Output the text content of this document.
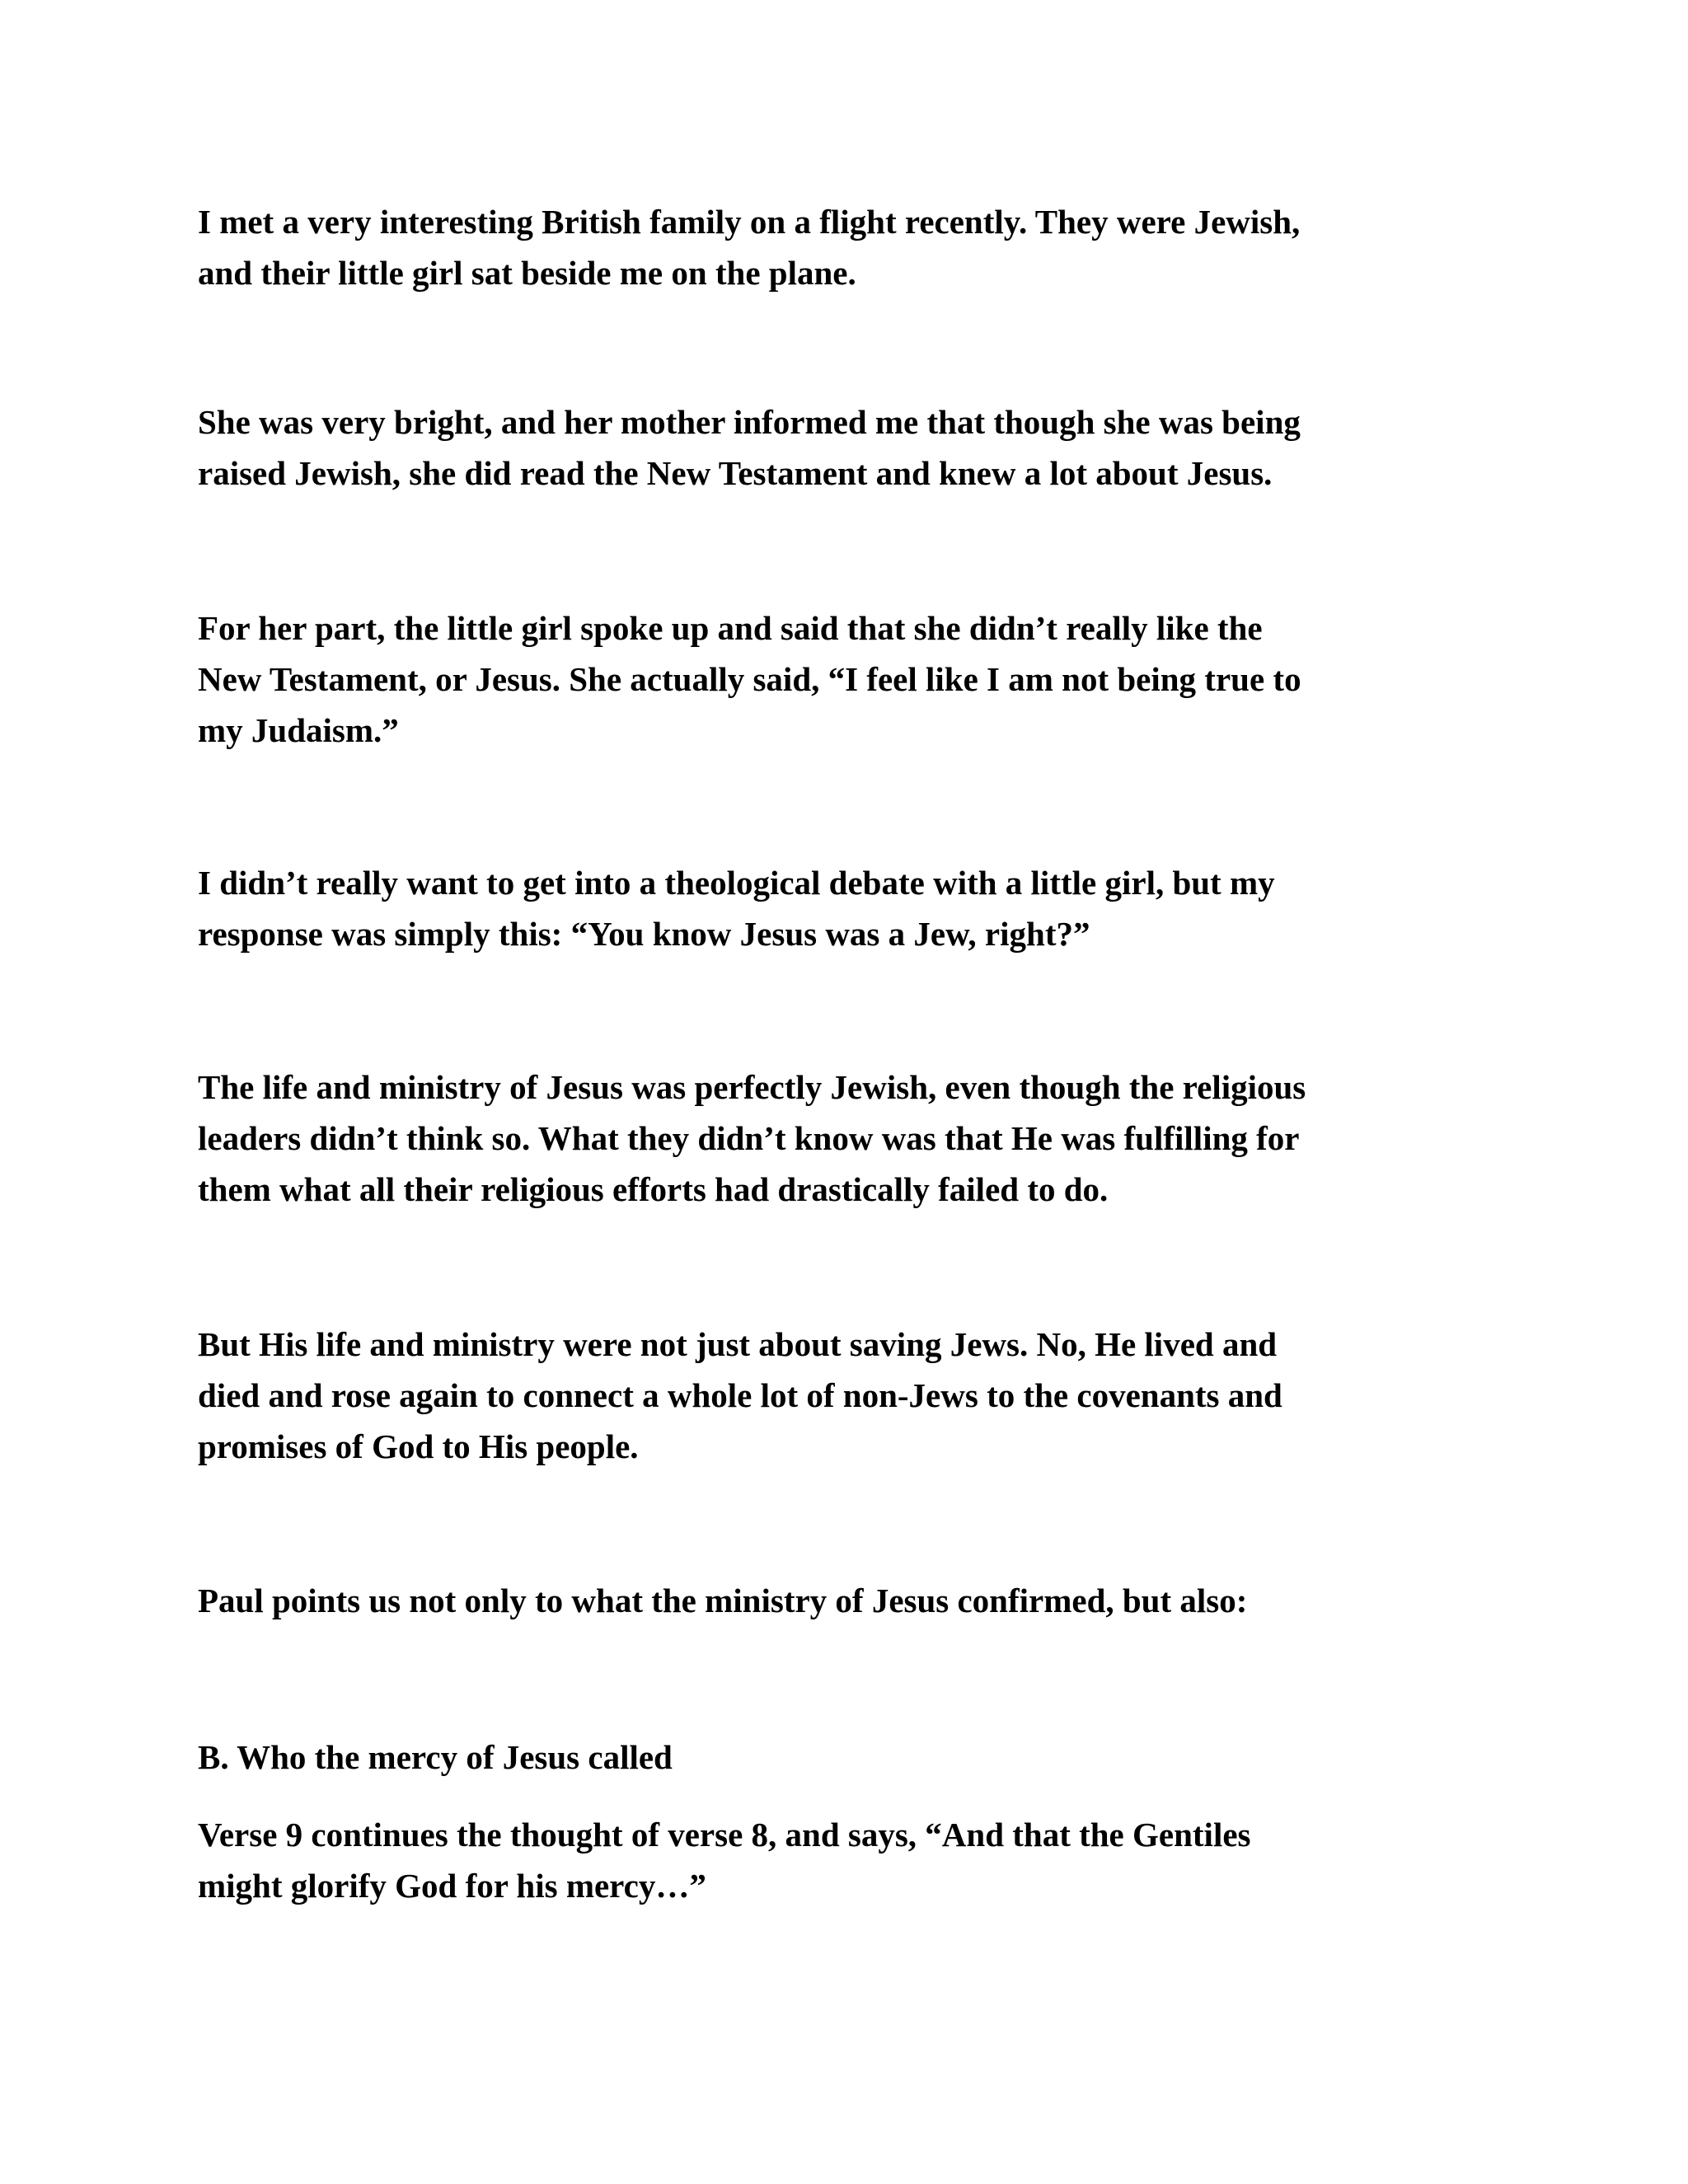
I met a very interesting British family on a flight recently. They were Jewish,
and their little girl sat beside me on the plane.
She was very bright, and her mother informed me that though she was being
raised Jewish, she did read the New Testament and knew a lot about Jesus.
For her part, the little girl spoke up and said that she didn’t really like the
New Testament, or Jesus. She actually said, “I feel like I am not being true to
my Judaism.”
I didn’t really want to get into a theological debate with a little girl, but my
response was simply this: “You know Jesus was a Jew, right?”
The life and ministry of Jesus was perfectly Jewish, even though the religious
leaders didn’t think so. What they didn’t know was that He was fulfilling for
them what all their religious efforts had drastically failed to do.
But His life and ministry were not just about saving Jews. No, He lived and
died and rose again to connect a whole lot of non-Jews to the covenants and
promises of God to His people.
Paul points us not only to what the ministry of Jesus confirmed, but also:
B. Who the mercy of Jesus called
Verse 9 continues the thought of verse 8, and says, “And that the Gentiles
might glorify God for his mercy…”
